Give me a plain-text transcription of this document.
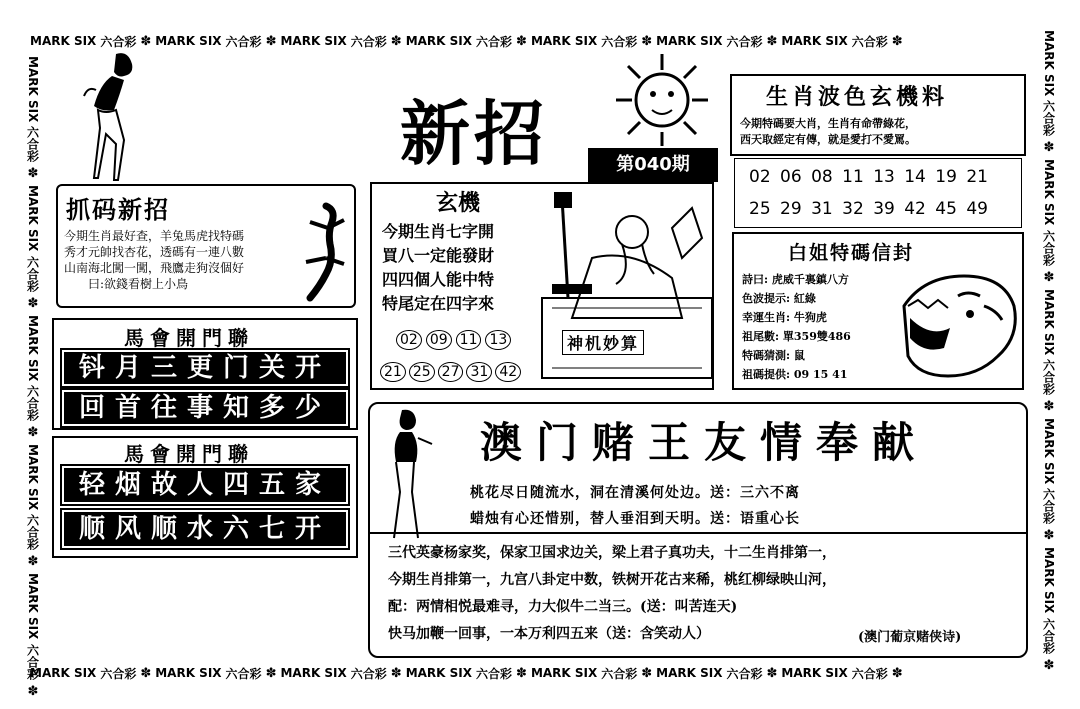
MARK SIX 六合彩 ✽ MARK SIX 六合彩 ✽ MARK SIX 六合彩 ✽ MARK SIX 六合彩 ✽ MARK SIX 六合彩 ✽ MARK SIX 六合彩 ✽ MARK SIX 六合彩 ✽
MARK SIX 六合彩 ✽ MARK SIX 六合彩 ✽ MARK SIX 六合彩 ✽ MARK SIX 六合彩 ✽ MARK SIX 六合彩 ✽ MARK SIX 六合彩 ✽ MARK SIX 六合彩 ✽
MARK SIX
六合彩
✽
MARK SIX
六合彩
✽
MARK SIX
六合彩
✽
MARK SIX
六合彩
✽
MARK SIX
六合彩
✽
MARK SIX
六合彩
✽
MARK SIX
六合彩
✽
MARK SIX
六合彩
✽
MARK SIX
六合彩
✽
MARK SIX
六合彩
✽
新招	第040期
抓码新招
今期生肖最好查，羊兔馬虎找特碼
秀才元帥找杏花，透碼有一連八數
山南海北闖一闖，飛鷹走狗沒個好
曰:欲錢看樹上小鳥
馬會開門聯
钭月三更门关开
回首往事知多少
馬會開門聯
轻烟故人四五家
顺风顺水六七开
玄機
今期生肖七字開
買八一定能發財
四四個人能中特
特尾定在四字來
02 09 11 13
21 25 27 31 42
神机妙算
生肖波色玄機料
今期特碼要大肖，生肖有命帶綠花，
西天取經定有傳，就是愛打不愛罵。
02 06 08 11 13 14 19 21
25 29 31 32 39 42 45 49
白姐特碼信封
詩曰: 虎威千裏鎮八方
色波提示: 紅綠
幸運生肖: 牛狗虎
祖尾數: 單359雙486
特碼猜測: 鼠
祖碼提供: 09 15 41
澳门赌王友情奉献
桃花尽日随流水，洞在清溪何处边。送：三六不离
蜡烛有心还惜别，替人垂泪到天明。送：语重心长
三代英豪杨家奖，保家卫国求边关，梁上君子真功夫，十二生肖排第一，
今期生肖排第一，九宫八卦定中数，铁树开花古来稀，桃红柳绿映山河，
配：两情相悦最难寻，力大似牛二当三。(送：叫苦连天)
快马加鞭一回事，一本万利四五来（送：含笑动人）	(澳门葡京赌侠诗)
